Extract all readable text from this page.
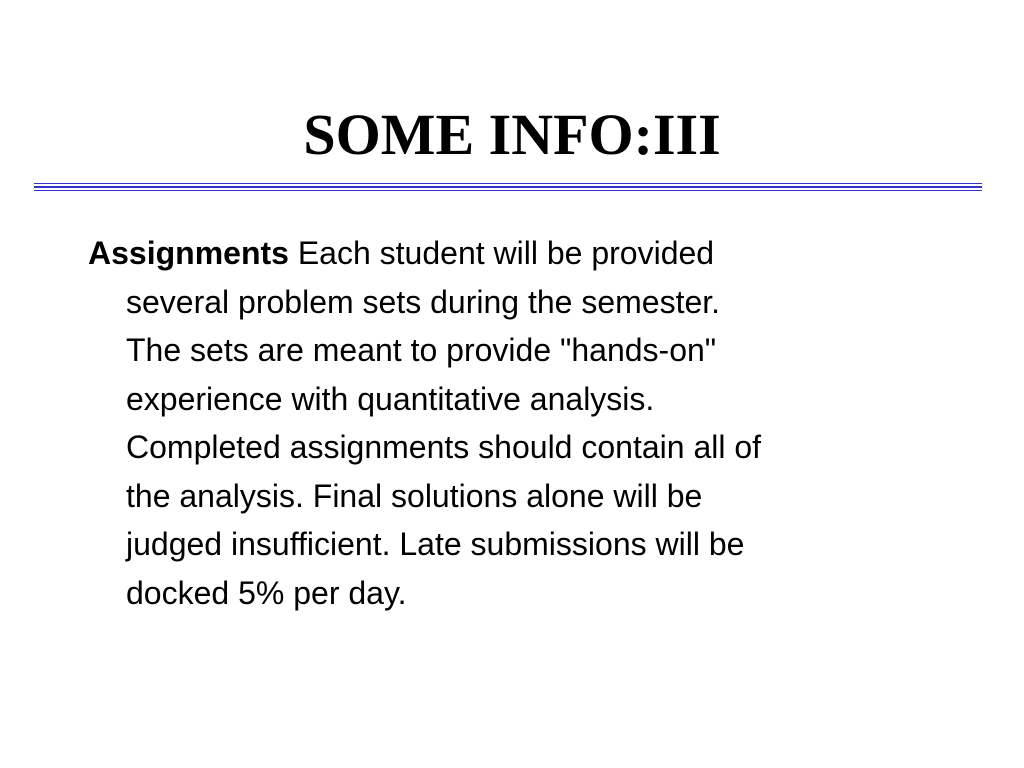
SOME INFO:III

Assignments Each student will be provided
several problem sets during the semester.
The sets are meant to provide "hands-on"
experience with quantitative analysis.
Completed assignments should contain all of
the analysis. Final solutions alone will be
judged insufficient. Late submissions will be
docked 5% per day.
